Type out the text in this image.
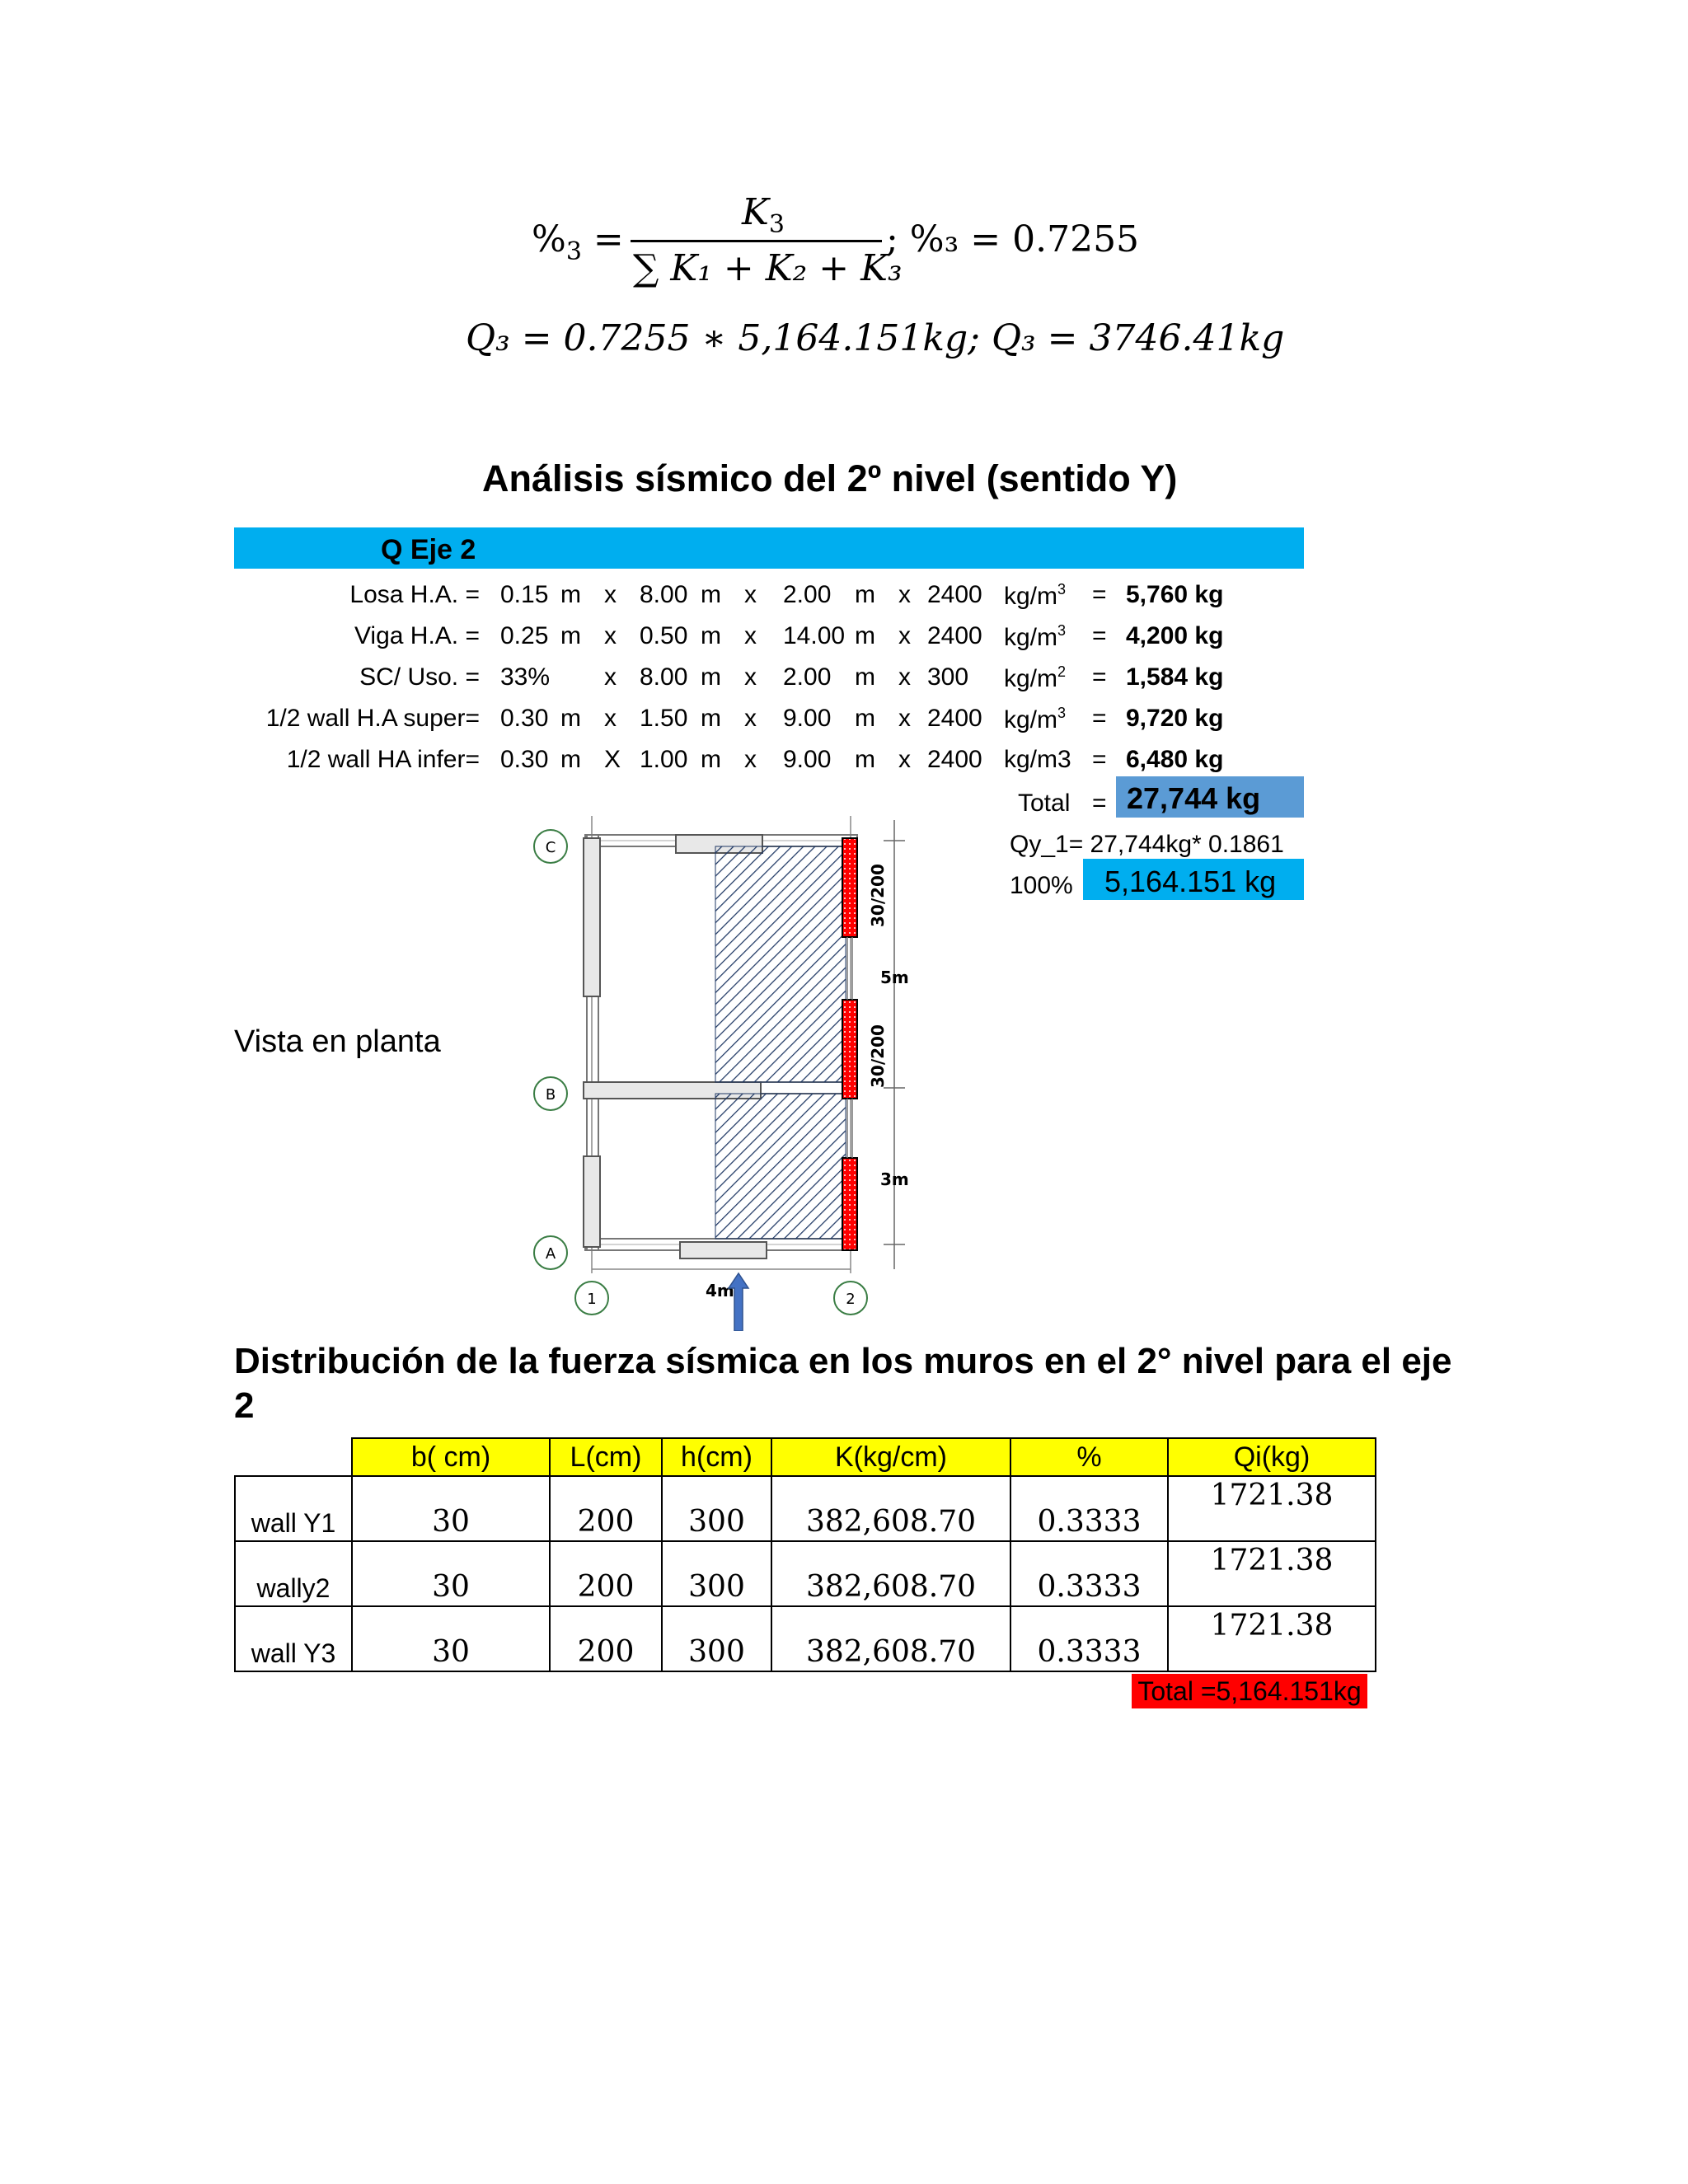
$\%_3$ =
$K_3$
∑ K₁ + K₂ + K₃
; %₃ = 0.7255
Q₃ = 0.7255 ∗ 5,164.151kg; Q₃ = 3746.41kg
Análisis sísmico del 2º nivel (sentido Y)
Q Eje 2
Losa H.A. = 0.15 m x 8.00 m x 2.00 m x 2400 $kg/m^3 = 5,760$ kg
Viga H.A. = 0.25 m x 0.50 m x 14.00 m x 2400 $kg/m^3 = 4,200$ kg
SC/ Uso. = 33% x 8.00 m x 2.00 m x 300 $kg/m^2 = 1,584$ kg
1/2 wall H.A super= 0.30 m x 1.50 m x 9.00 m x 2400 $kg/m^3 = 9,720$ kg
1/2 wall HA infer= 0.30 m X 1.00 m x 9.00 m x 2400 kg/m3 = 6,480 kg
Total = 27,744 kg
Qy_1= 27,744kg* 0.1861
100% 5,164.151 kg
Vista en planta
30/200
30/200
5m
3m
C
B
A
1	2
4m
Distribución de la fuerza sísmica en los muros en el 2° nivel para el eje 2
	b( cm)	L(cm)	h(cm)	K(kg/cm)	%	Qi(kg)
wall Y1	30	200	300	382,608.70	0.3333	1721.38
wally2	30	200	300	382,608.70	0.3333	1721.38
wall Y3	30	200	300	382,608.70	0.3333	1721.38
Total =5,164.151kg
